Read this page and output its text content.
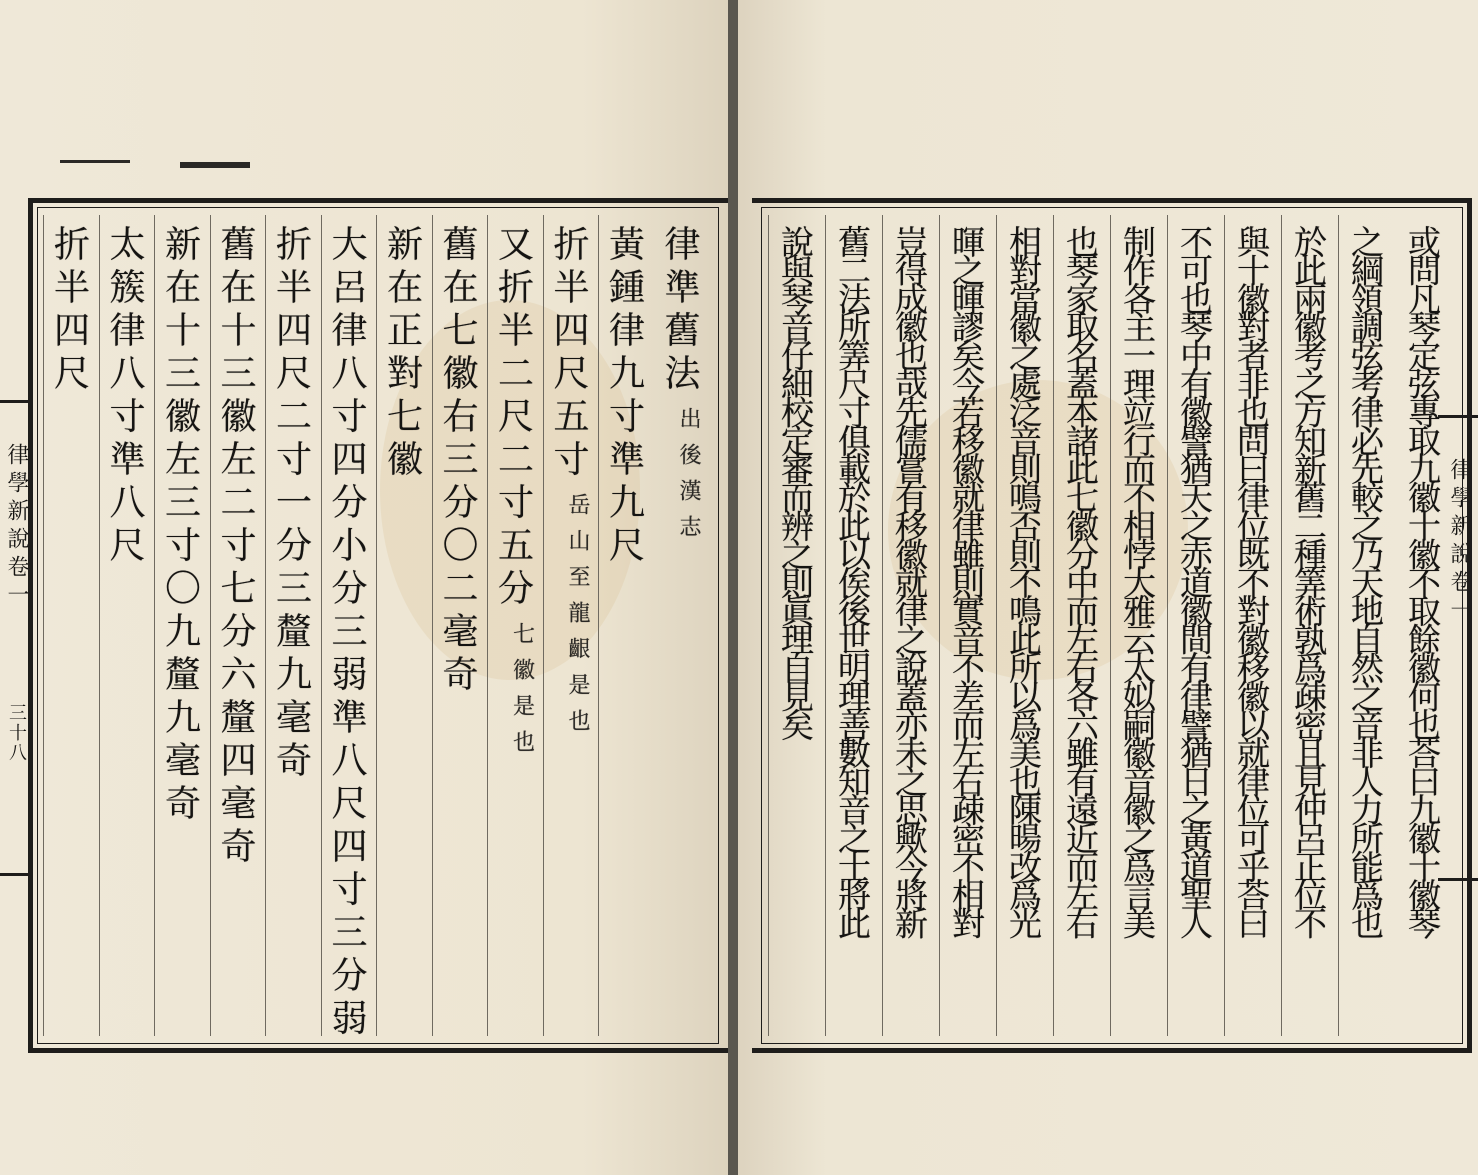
律學新說卷一
三十八
律準舊法
出後漢志
黃鍾律九寸準九尺
折半四尺五寸
岳山至龍齦是也
又折半二尺二寸五分
七徽是也
舊在七徽右三分〇二毫奇
新在正對七徽
大呂律八寸四分小分三弱準八尺四寸三分弱
折半四尺二寸一分三釐九毫奇
舊在十三徽左二寸七分六釐四毫奇
新在十三徽左三寸〇九釐九毫奇
太簇律八寸準八尺
折半四尺
律學新說卷一
或問凡琴定弦專取九徽十徽不取餘徽何也荅曰九徽十徽琴
之綱領調弦考律必先較之乃天地自然之音非人力所能爲也
於此兩徽考之方知新舊二種筭術孰爲疎密且見仲呂正位不
與十徽對者非也問曰律位既不對徽移徽以就律位可乎荅曰
不可也琴中有徽譬猶天之赤道徽間有律譬猶日之黃道聖人
制作各主一理竝行而不相悖大雅云太姒嗣徽音徽之爲言美
也琴家取名蓋本諸此七徽分中而左右各六雖有遠近而左右
相對當徽之處泛音則鳴否則不鳴此所以爲美也陳暘改爲光
暉之暉謬矣今若移徽就律雖則實音不差而左右疎密不相對
豈得成徽也哉先儒嘗有移徽就律之說蓋亦未之思歟今將新
舊二法所筭尺寸俱載於此以俟後世明理善數知音之士將此
說與琴音仔細校定審而辨之則眞理自見矣
